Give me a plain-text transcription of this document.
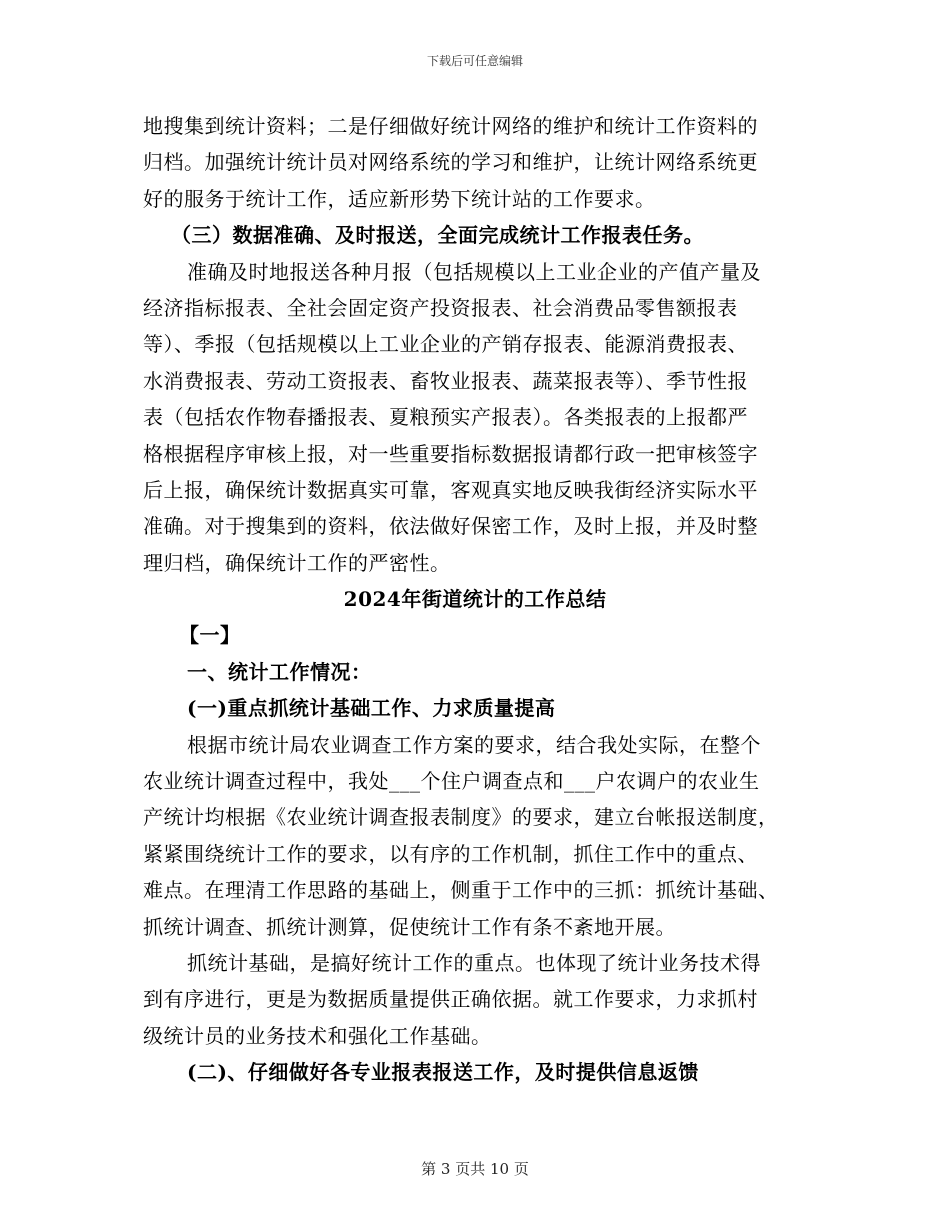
下载后可任意编辑
地搜集到统计资料；二是仔细做好统计网络的维护和统计工作资料的
归档。加强统计统计员对网络系统的学习和维护，让统计网络系统更
好的服务于统计工作，适应新形势下统计站的工作要求。
（三）数据准确、及时报送，全面完成统计工作报表任务。
准确及时地报送各种月报（包括规模以上工业企业的产值产量及
经济指标报表、全社会固定资产投资报表、社会消费品零售额报表
等）、季报（包括规模以上工业企业的产销存报表、能源消费报表、
水消费报表、劳动工资报表、畜牧业报表、蔬菜报表等）、季节性报
表（包括农作物春播报表、夏粮预实产报表）。各类报表的上报都严
格根据程序审核上报，对一些重要指标数据报请都行政一把审核签字
后上报，确保统计数据真实可靠，客观真实地反映我街经济实际水平
准确。对于搜集到的资料，依法做好保密工作，及时上报，并及时整
理归档，确保统计工作的严密性。
2024年街道统计的工作总结
【一】
一、统计工作情况：
(一)重点抓统计基础工作、力求质量提高
根据市统计局农业调查工作方案的要求，结合我处实际，在整个
农业统计调查过程中，我处___个住户调查点和___户农调户的农业生
产统计均根据《农业统计调查报表制度》的要求，建立台帐报送制度，
紧紧围绕统计工作的要求，以有序的工作机制，抓住工作中的重点、
难点。在理清工作思路的基础上，侧重于工作中的三抓：抓统计基础、
抓统计调查、抓统计测算，促使统计工作有条不紊地开展。
抓统计基础，是搞好统计工作的重点。也体现了统计业务技术得
到有序进行，更是为数据质量提供正确依据。就工作要求，力求抓村
级统计员的业务技术和强化工作基础。
(二)、仔细做好各专业报表报送工作，及时提供信息返馈
第 3 页共 10 页
